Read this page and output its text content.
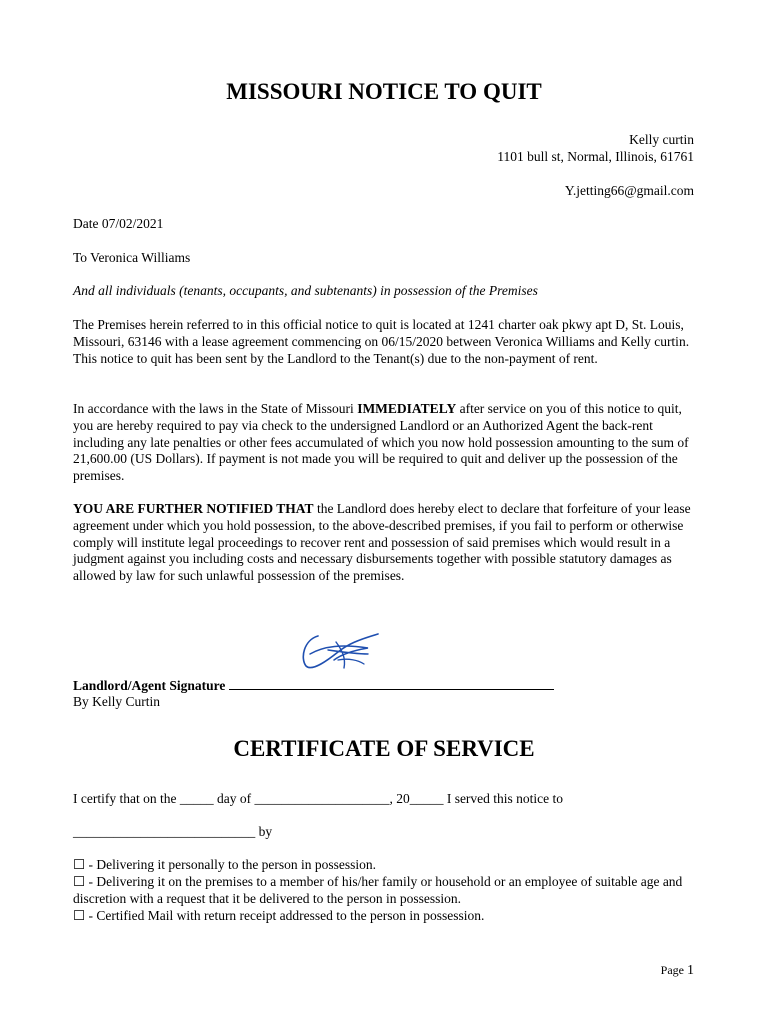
MISSOURI NOTICE TO QUIT
Kelly curtin
1101 bull st, Normal, Illinois, 61761
Y.jetting66@gmail.com

Date 07/02/2021

To Veronica Williams

And all individuals (tenants, occupants, and subtenants) in possession of the Premises

The Premises herein referred to in this official notice to quit is located at 1241 charter oak pkwy apt D, St. Louis, Missouri, 63146 with a lease agreement commencing on 06/15/2020 between Veronica Williams and Kelly curtin. This notice to quit has been sent by the Landlord to the Tenant(s) due to the non-payment of rent.

In accordance with the laws in the State of Missouri IMMEDIATELY after service on you of this notice to quit, you are hereby required to pay via check to the undersigned Landlord or an Authorized Agent the back-rent including any late penalties or other fees accumulated of which you now hold possession amounting to the sum of 21,600.00 (US Dollars). If payment is not made you will be required to quit and deliver up the possession of the premises.

YOU ARE FURTHER NOTIFIED THAT the Landlord does hereby elect to declare that forfeiture of your lease agreement under which you hold possession, to the above-described premises, if you fail to perform or otherwise comply will institute legal proceedings to recover rent and possession of said premises which would result in a judgment against you including costs and necessary disbursements together with possible statutory damages as allowed by law for such unlawful possession of the premises.

Landlord/Agent Signature

By Kelly Curtin

CERTIFICATE OF SERVICE

I certify that on the _____ day of ____________________, 20_____ I served this notice to

___________________________ by

☐ - Delivering it personally to the person in possession.

☐ - Delivering it on the premises to a member of his/her family or household or an employee of suitable age and discretion with a request that it be delivered to the person in possession.

☐ - Certified Mail with return receipt addressed to the person in possession.

Page 1
